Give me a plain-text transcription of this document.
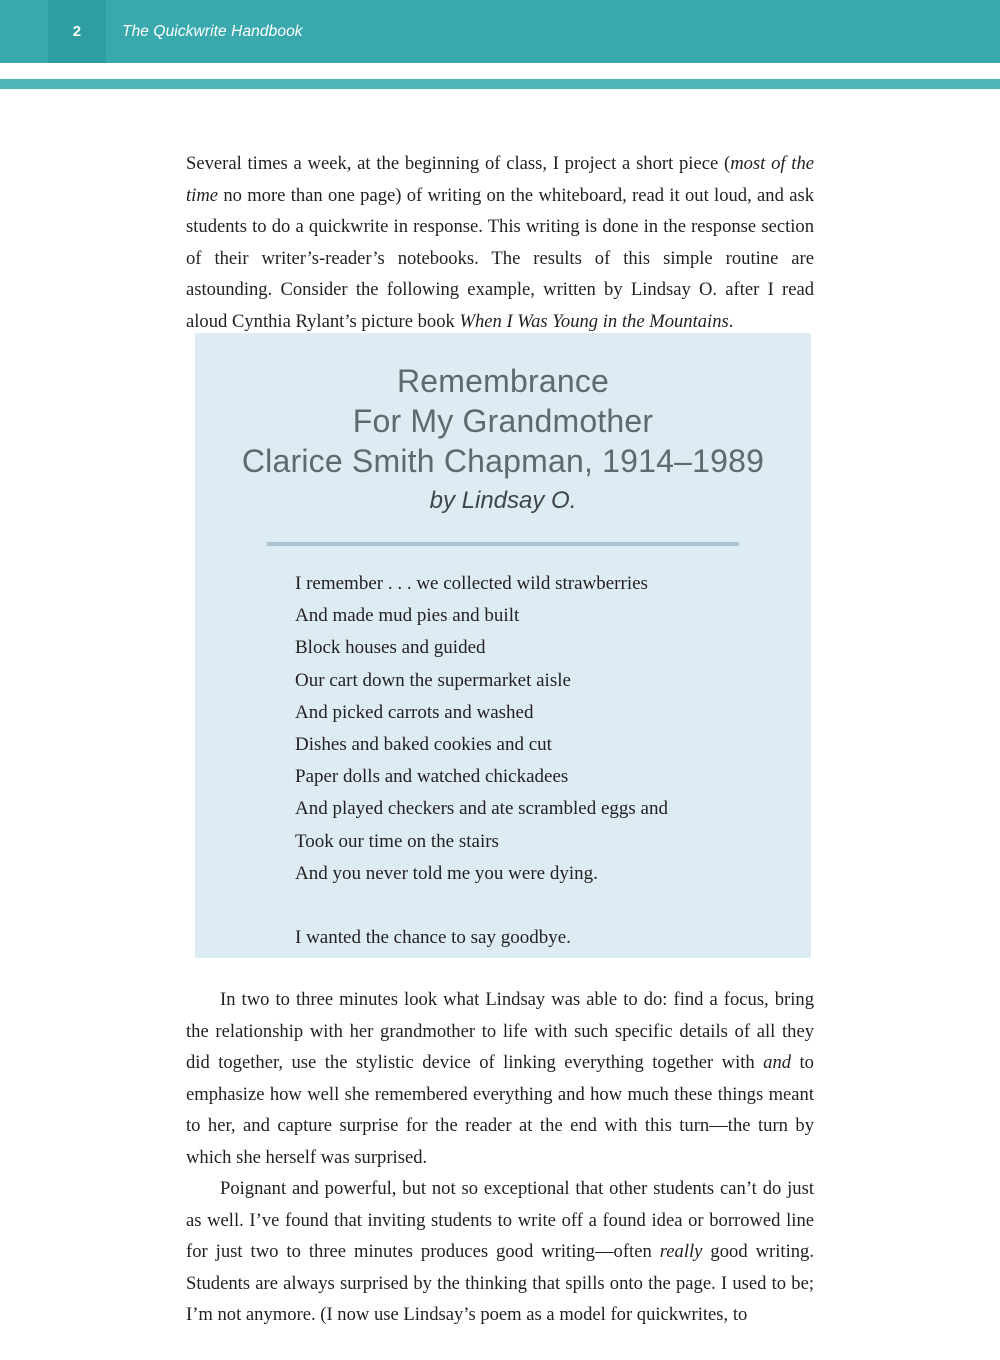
2	The Quickwrite Handbook

Several times a week, at the beginning of class, I project a short piece (most of the time no more than one page) of writing on the whiteboard, read it out loud, and ask students to do a quickwrite in response. This writing is done in the response section of their writer’s-reader’s notebooks. The results of this simple routine are astounding. Consider the following example, written by Lindsay O. after I read aloud Cynthia Rylant’s picture book When I Was Young in the Mountains.

Remembrance
For My Grandmother
Clarice Smith Chapman, 1914–1989
by Lindsay O.
I remember . . . we collected wild strawberries
And made mud pies and built
Block houses and guided
Our cart down the supermarket aisle
And picked carrots and washed
Dishes and baked cookies and cut
Paper dolls and watched chickadees
And played checkers and ate scrambled eggs and
Took our time on the stairs
And you never told me you were dying.
I wanted the chance to say goodbye.

In two to three minutes look what Lindsay was able to do: find a focus, bring the relationship with her grandmother to life with such specific details of all they did together, use the stylistic device of linking everything together with and to emphasize how well she remembered everything and how much these things meant to her, and capture surprise for the reader at the end with this turn—the turn by which she herself was surprised.

Poignant and powerful, but not so exceptional that other students can’t do just as well. I’ve found that inviting students to write off a found idea or borrowed line for just two to three minutes produces good writing—often really good writing. Students are always surprised by the thinking that spills onto the page. I used to be; I’m not anymore. (I now use Lindsay’s poem as a model for quickwrites, to
